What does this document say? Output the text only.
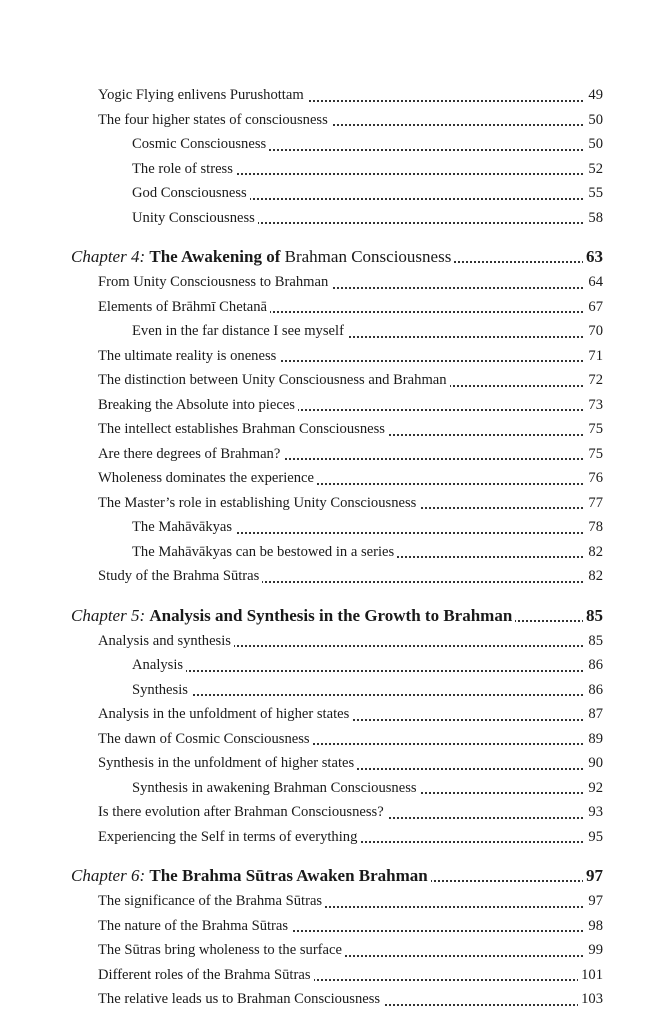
Yogic Flying enlivens Purushottam	49
The four higher states of consciousness	50
Cosmic Consciousness	50
The role of stress	52
God Consciousness	55
Unity Consciousness	58
Chapter 4: The Awakening of Brahman Consciousness	63
From Unity Consciousness to Brahman	64
Elements of Brāhmī Chetanā	67
Even in the far distance I see myself	70
The ultimate reality is oneness	71
The distinction between Unity Consciousness and Brahman	72
Breaking the Absolute into pieces	73
The intellect establishes Brahman Consciousness	75
Are there degrees of Brahman?	75
Wholeness dominates the experience	76
The Master’s role in establishing Unity Consciousness	77
The Mahāvākyas	78
The Mahāvākyas can be bestowed in a series	82
Study of the Brahma Sūtras	82
Chapter 5: Analysis and Synthesis in the Growth to Brahman	85
Analysis and synthesis	85
Analysis	86
Synthesis	86
Analysis in the unfoldment of higher states	87
The dawn of Cosmic Consciousness	89
Synthesis in the unfoldment of higher states	90
Synthesis in awakening Brahman Consciousness	92
Is there evolution after Brahman Consciousness?	93
Experiencing the Self in terms of everything	95
Chapter 6: The Brahma Sūtras Awaken Brahman	97
The significance of the Brahma Sūtras	97
The nature of the Brahma Sūtras	98
The Sūtras bring wholeness to the surface	99
Different roles of the Brahma Sūtras	101
The relative leads us to Brahman Consciousness	103
